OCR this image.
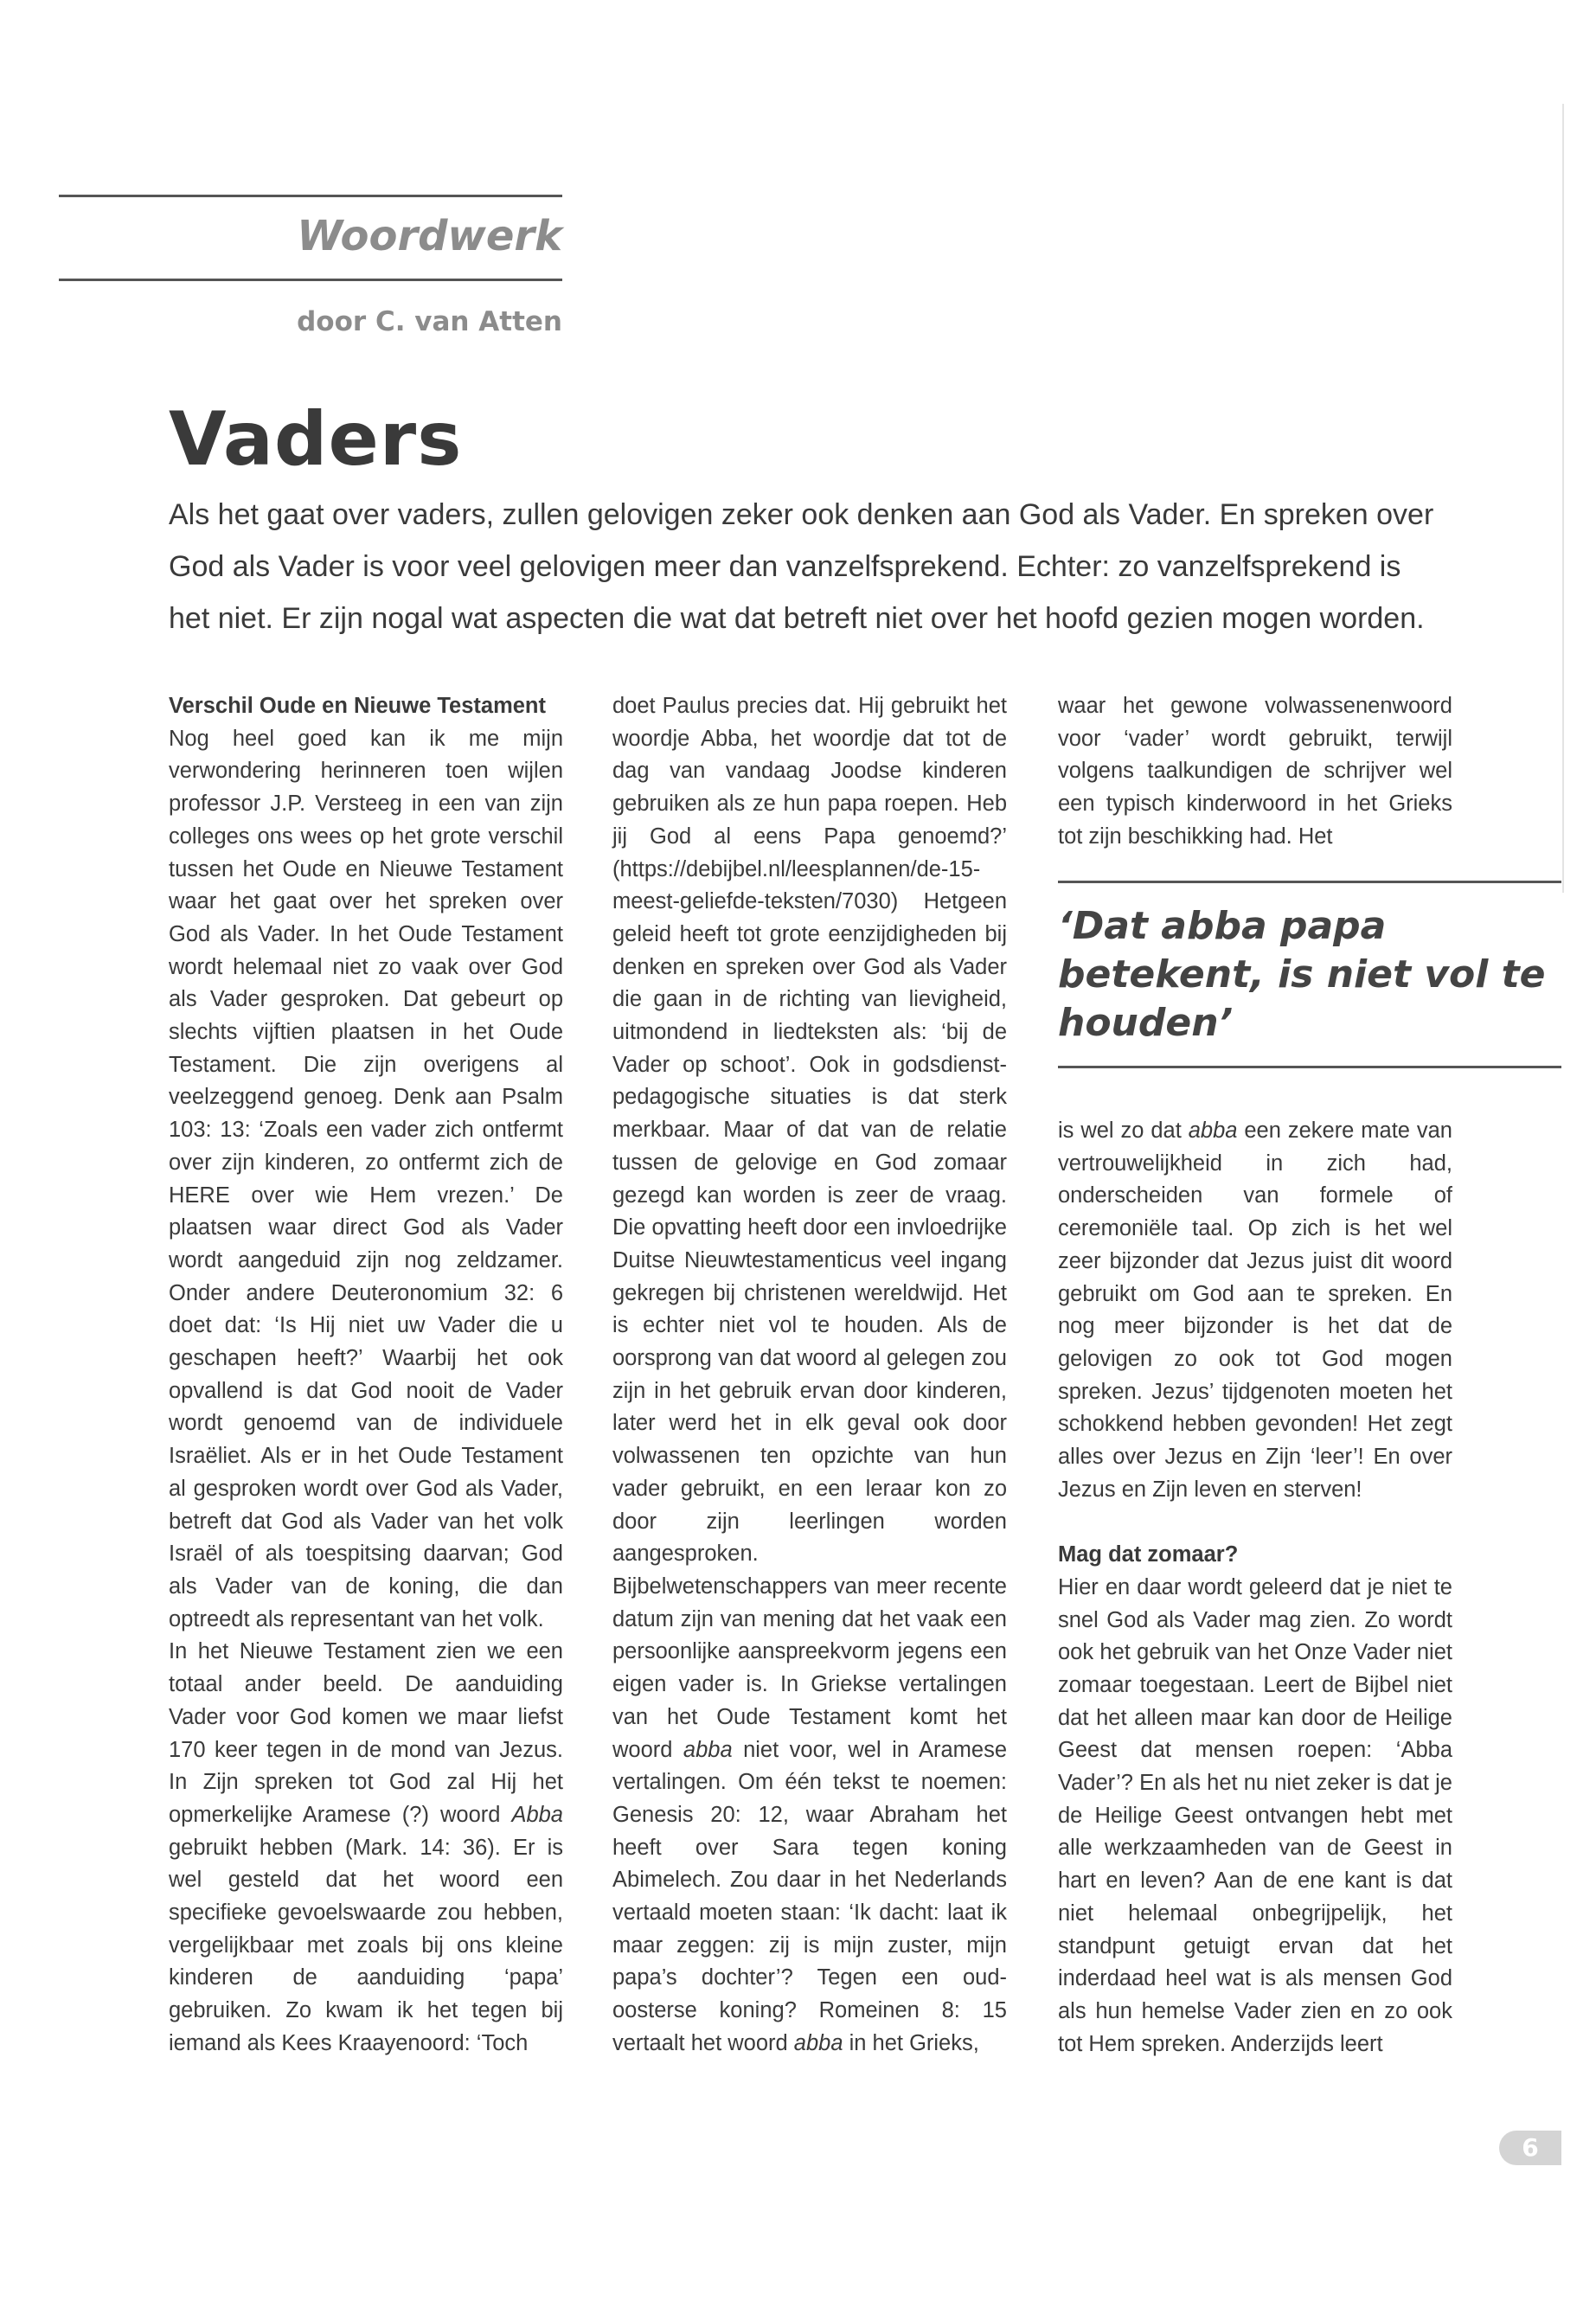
Woordwerk

door C. van Atten

Vaders

Als het gaat over vaders, zullen gelovigen zeker ook denken aan God als Vader. En spreken over God als Vader is voor veel gelovigen meer dan vanzelfsprekend. Echter: zo vanzelfsprekend is het niet. Er zijn nogal wat aspecten die wat dat betreft niet over het hoofd gezien mogen worden.

Verschil Oude en Nieuwe Testament

Nog heel goed kan ik me mijn verwondering herinneren toen wijlen professor J.P. Versteeg in een van zijn colleges ons wees op het grote verschil tussen het Oude en Nieuwe Testament waar het gaat over het spreken over God als Vader. In het Oude Testament wordt helemaal niet zo vaak over God als Vader gesproken. Dat gebeurt op slechts vijftien plaatsen in het Oude Testament. Die zijn overigens al veelzeggend genoeg. Denk aan Psalm 103: 13: ‘Zoals een vader zich ontfermt over zijn kinderen, zo ontfermt zich de HERE over wie Hem vrezen.’ De plaatsen waar direct God als Vader wordt aangeduid zijn nog zeldzamer. Onder andere Deuteronomium 32: 6 doet dat: ‘Is Hij niet uw Vader die u geschapen heeft?’ Waarbij het ook opvallend is dat God nooit de Vader wordt genoemd van de individuele Israëliet. Als er in het Oude Testament al gesproken wordt over God als Vader, betreft dat God als Vader van het volk Israël of als toespitsing daarvan; God als Vader van de koning, die dan optreedt als representant van het volk.

In het Nieuwe Testament zien we een totaal ander beeld. De aanduiding Vader voor God komen we maar liefst 170 keer tegen in de mond van Jezus. In Zijn spreken tot God zal Hij het opmerkelijke Aramese (?) woord Abba gebruikt hebben (Mark. 14: 36). Er is wel gesteld dat het woord een specifieke gevoelswaarde zou hebben, vergelijkbaar met zoals bij ons kleine kinderen de aanduiding ‘papa’ gebruiken. Zo kwam ik het tegen bij iemand als Kees Kraayenoord: ‘Toch

doet Paulus precies dat. Hij gebruikt het woordje Abba, het woordje dat tot de dag van vandaag Joodse kinderen gebruiken als ze hun papa roepen. Heb jij God al eens Papa genoemd?’ (https://debijbel.nl/leesplannen/de-15-meest-geliefde-teksten/7030) Hetgeen geleid heeft tot grote eenzijdigheden bij denken en spreken over God als Vader die gaan in de richting van lievigheid, uitmondend in liedteksten als: ‘bij de Vader op schoot’. Ook in godsdienst-pedagogische situaties is dat sterk merkbaar. Maar of dat van de relatie tussen de gelovige en God zomaar gezegd kan worden is zeer de vraag. Die opvatting heeft door een invloedrijke Duitse Nieuwtestamenticus veel ingang gekregen bij christenen wereldwijd. Het is echter niet vol te houden. Als de oorsprong van dat woord al gelegen zou zijn in het gebruik ervan door kinderen, later werd het in elk geval ook door volwassenen ten opzichte van hun vader gebruikt, en een leraar kon zo door zijn leerlingen worden aangesproken.

Bijbelwetenschappers van meer recente datum zijn van mening dat het vaak een persoonlijke aanspreekvorm jegens een eigen vader is. In Griekse vertalingen van het Oude Testament komt het woord abba niet voor, wel in Aramese vertalingen. Om één tekst te noemen: Genesis 20: 12, waar Abraham het heeft over Sara tegen koning Abimelech. Zou daar in het Nederlands vertaald moeten staan: ‘Ik dacht: laat ik maar zeggen: zij is mijn zuster, mijn papa’s dochter’? Tegen een oud-oosterse koning? Romeinen 8: 15 vertaalt het woord abba in het Grieks,

waar het gewone volwassenenwoord voor ‘vader’ wordt gebruikt, terwijl volgens taalkundigen de schrijver wel een typisch kinderwoord in het Grieks tot zijn beschikking had. Het

‘Dat abba papa betekent, is niet vol te houden’

is wel zo dat abba een zekere mate van vertrouwelijkheid in zich had, onderscheiden van formele of ceremoniële taal. Op zich is het wel zeer bijzonder dat Jezus juist dit woord gebruikt om God aan te spreken. En nog meer bijzonder is het dat de gelovigen zo ook tot God mogen spreken. Jezus’ tijdgenoten moeten het schokkend hebben gevonden! Het zegt alles over Jezus en Zijn ‘leer’! En over Jezus en Zijn leven en sterven!

Mag dat zomaar?

Hier en daar wordt geleerd dat je niet te snel God als Vader mag zien. Zo wordt ook het gebruik van het Onze Vader niet zomaar toegestaan. Leert de Bijbel niet dat het alleen maar kan door de Heilige Geest dat mensen roepen: ‘Abba Vader’? En als het nu niet zeker is dat je de Heilige Geest ontvangen hebt met alle werkzaamheden van de Geest in hart en leven? Aan de ene kant is dat niet helemaal onbegrijpelijk, het standpunt getuigt ervan dat het inderdaad heel wat is als mensen God als hun hemelse Vader zien en zo ook tot Hem spreken. Anderzijds leert

6
